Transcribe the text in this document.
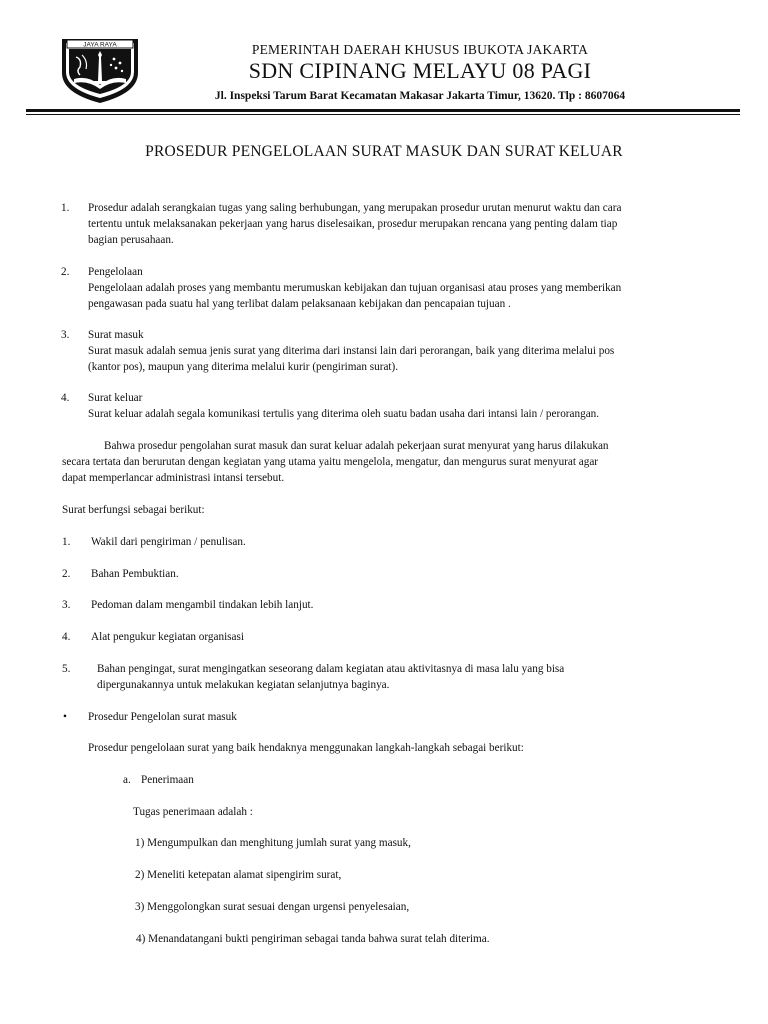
JAYA RAYA	PEMERINTAH DAERAH KHUSUS IBUKOTA JAKARTA
SDN CIPINANG MELAYU 08 PAGI
Jl. Inspeksi Tarum Barat Kecamatan Makasar Jakarta Timur, 13620. Tlp : 8607064
PROSEDUR PENGELOLAAN SURAT MASUK DAN SURAT KELUAR
1. Prosedur adalah serangkaian tugas yang saling berhubungan, yang merupakan prosedur urutan menurut waktu dan cara
tertentu untuk melaksanakan pekerjaan yang harus diselesaikan, prosedur merupakan rencana yang penting dalam tiap
bagian perusahaan.
2. Pengelolaan
Pengelolaan adalah proses yang membantu merumuskan kebijakan dan tujuan organisasi atau proses yang memberikan
pengawasan pada suatu hal yang terlibat dalam pelaksanaan kebijakan dan pencapaian tujuan .
3. Surat masuk
Surat masuk adalah semua jenis surat yang diterima dari instansi lain dari perorangan, baik yang diterima melalui pos
(kantor pos), maupun yang diterima melalui kurir (pengiriman surat).
4. Surat keluar
Surat keluar adalah segala komunikasi tertulis yang diterima oleh suatu badan usaha dari intansi lain / perorangan.
Bahwa prosedur pengolahan surat masuk dan surat keluar adalah pekerjaan surat menyurat yang harus dilakukan
secara tertata dan berurutan dengan kegiatan yang utama yaitu mengelola, mengatur, dan mengurus surat menyurat agar
dapat memperlancar administrasi intansi tersebut.
Surat berfungsi sebagai berikut:
1. Wakil dari pengiriman / penulisan.
2. Bahan Pembuktian.
3. Pedoman dalam mengambil tindakan lebih lanjut.
4. Alat pengukur kegiatan organisasi
5. Bahan pengingat, surat mengingatkan seseorang dalam kegiatan atau aktivitasnya di masa lalu yang bisa
dipergunakannya untuk melakukan kegiatan selanjutnya baginya.
• Prosedur Pengelolan surat masuk
Prosedur pengelolaan surat yang baik hendaknya menggunakan langkah-langkah sebagai berikut:
a. Penerimaan
Tugas penerimaan adalah :
1) Mengumpulkan dan menghitung jumlah surat yang masuk,
2) Meneliti ketepatan alamat sipengirim surat,
3) Menggolongkan surat sesuai dengan urgensi penyelesaian,
4) Menandatangani bukti pengiriman sebagai tanda bahwa surat telah diterima.
